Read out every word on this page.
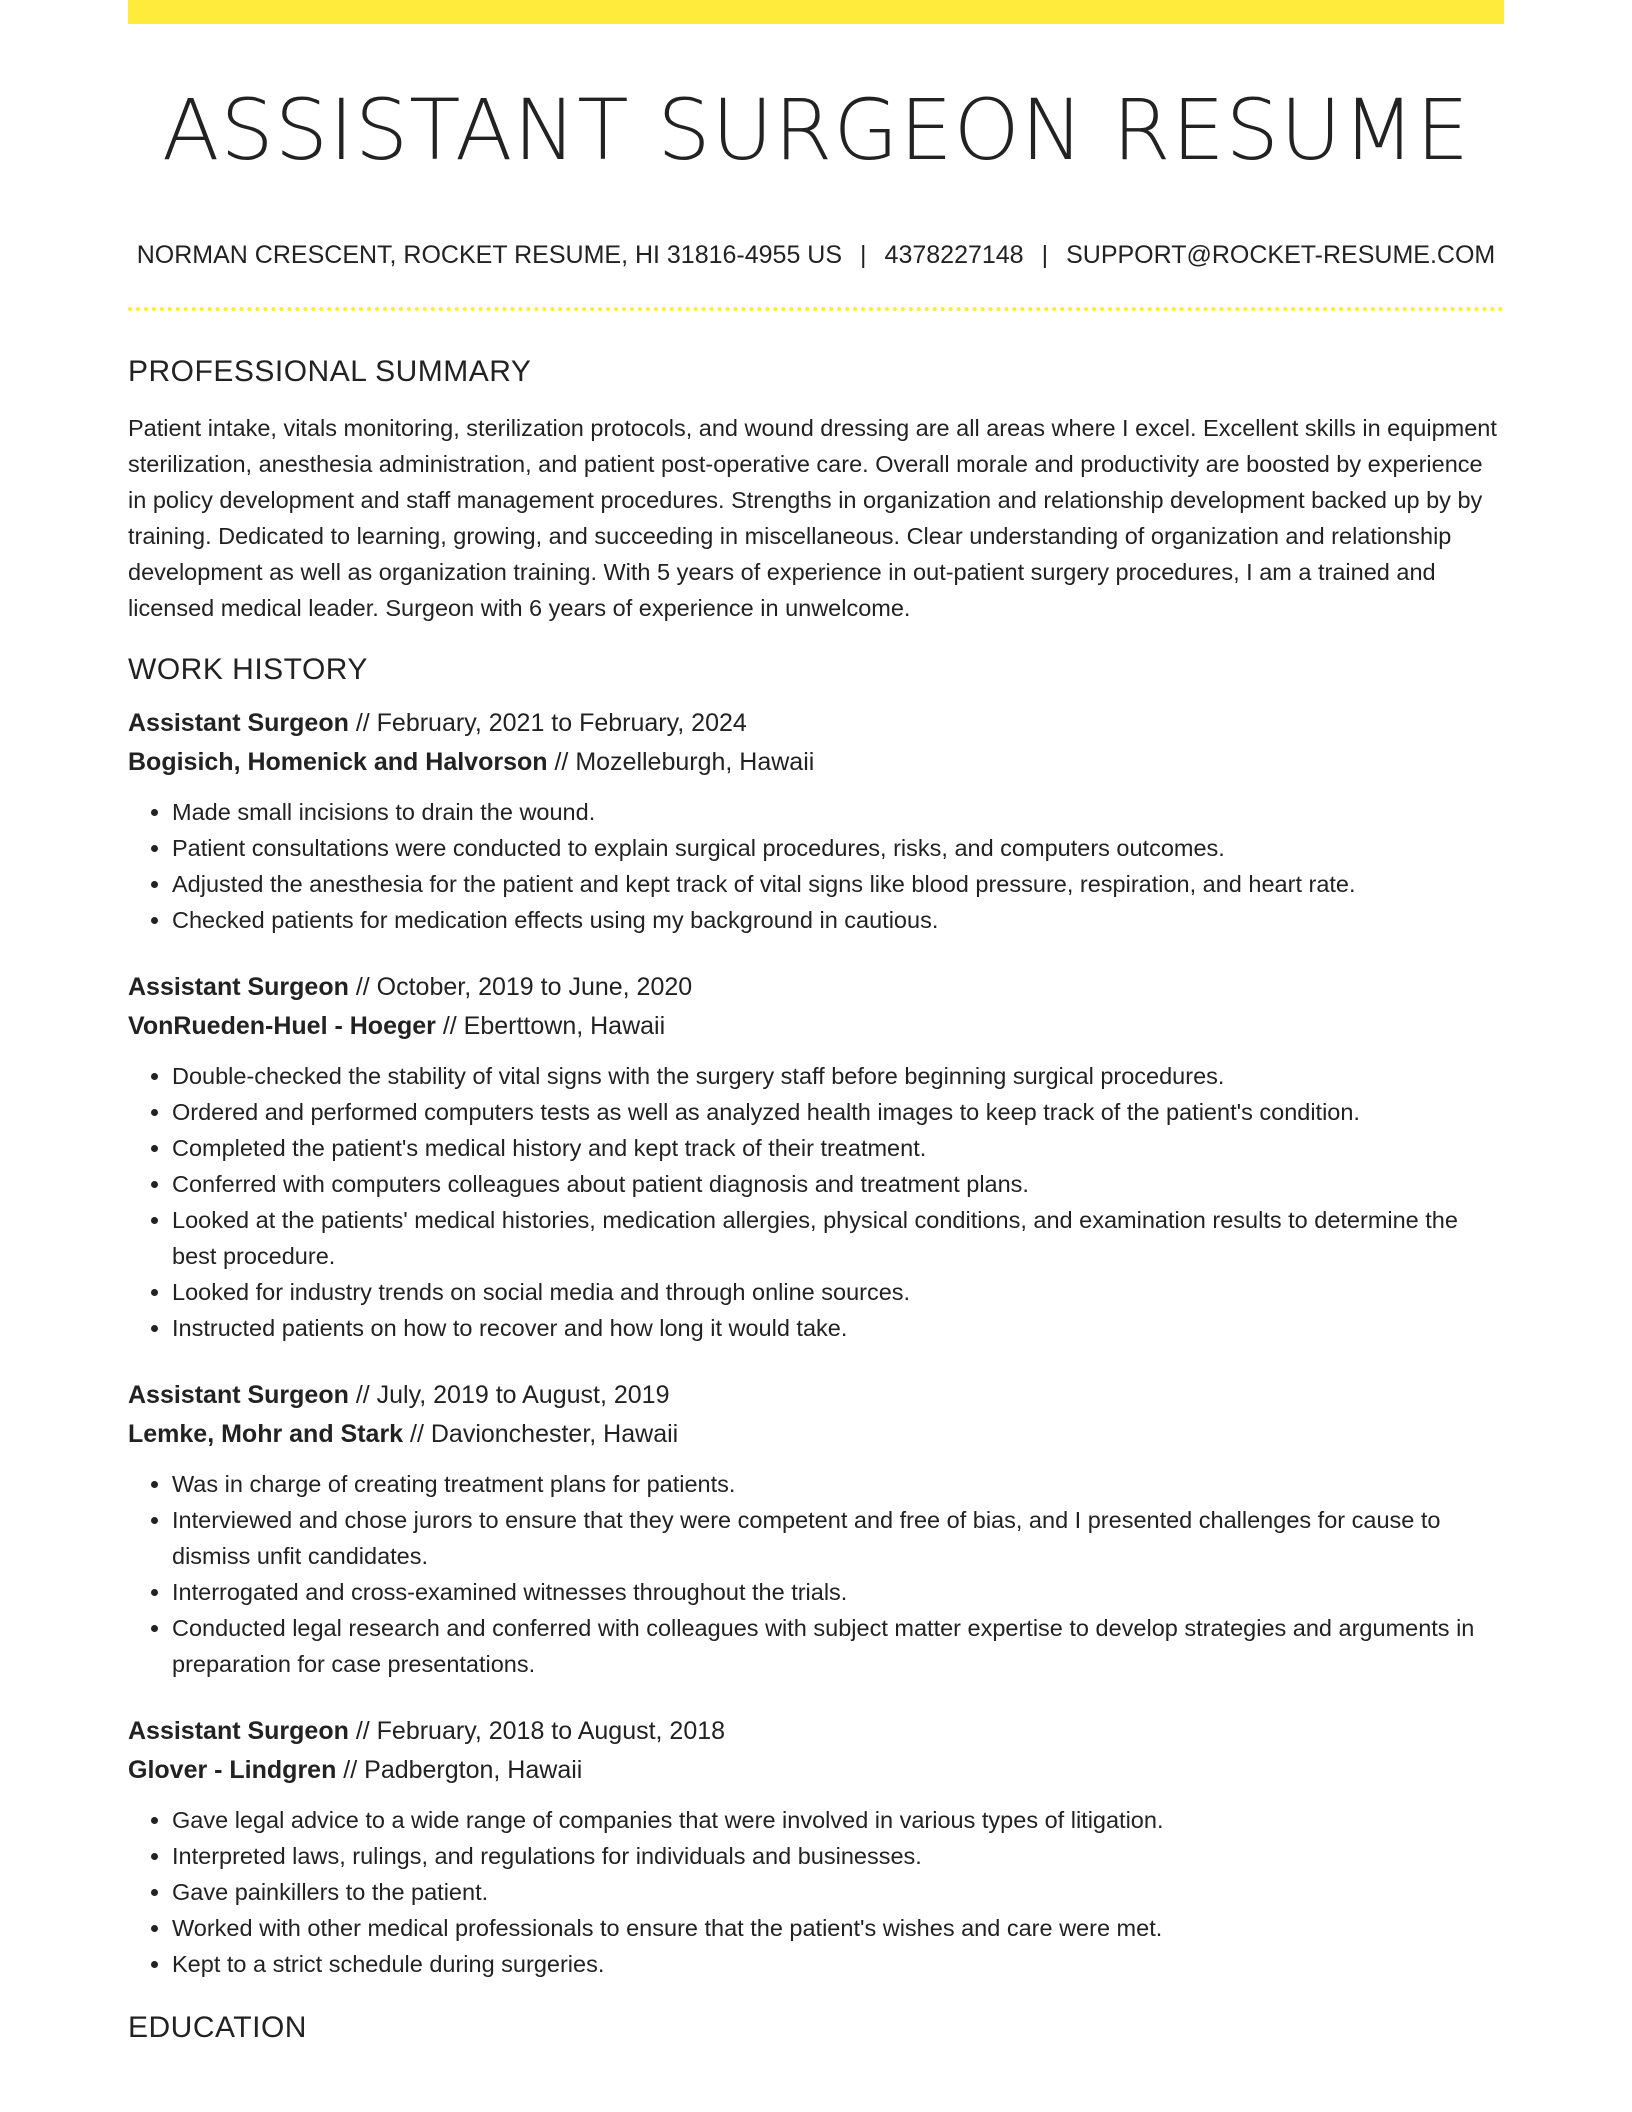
ASSISTANT SURGEON RESUME
NORMAN CRESCENT, ROCKET RESUME, HI 31816-4955 US | 4378227148 | SUPPORT@ROCKET-RESUME.COM
PROFESSIONAL SUMMARY

Patient intake, vitals monitoring, sterilization protocols, and wound dressing are all areas where I excel. Excellent skills in equipment sterilization, anesthesia administration, and patient post-operative care. Overall morale and productivity are boosted by experience in policy development and staff management procedures. Strengths in organization and relationship development backed up by by training. Dedicated to learning, growing, and succeeding in miscellaneous. Clear understanding of organization and relationship development as well as organization training. With 5 years of experience in out-patient surgery procedures, I am a trained and licensed medical leader. Surgeon with 6 years of experience in unwelcome.

WORK HISTORY
Assistant Surgeon // February, 2021 to February, 2024
Bogisich, Homenick and Halvorson // Mozelleburgh, Hawaii
• Made small incisions to drain the wound.
• Patient consultations were conducted to explain surgical procedures, risks, and computers outcomes.
• Adjusted the anesthesia for the patient and kept track of vital signs like blood pressure, respiration, and heart rate.
• Checked patients for medication effects using my background in cautious.
Assistant Surgeon // October, 2019 to June, 2020
VonRueden-Huel - Hoeger // Eberttown, Hawaii
• Double-checked the stability of vital signs with the surgery staff before beginning surgical procedures.
• Ordered and performed computers tests as well as analyzed health images to keep track of the patient's condition.
• Completed the patient's medical history and kept track of their treatment.
• Conferred with computers colleagues about patient diagnosis and treatment plans.
• Looked at the patients' medical histories, medication allergies, physical conditions, and examination results to determine the best procedure.
• Looked for industry trends on social media and through online sources.
• Instructed patients on how to recover and how long it would take.
Assistant Surgeon // July, 2019 to August, 2019
Lemke, Mohr and Stark // Davionchester, Hawaii
• Was in charge of creating treatment plans for patients.
• Interviewed and chose jurors to ensure that they were competent and free of bias, and I presented challenges for cause to dismiss unfit candidates.
• Interrogated and cross-examined witnesses throughout the trials.
• Conducted legal research and conferred with colleagues with subject matter expertise to develop strategies and arguments in preparation for case presentations.
Assistant Surgeon // February, 2018 to August, 2018
Glover - Lindgren // Padbergton, Hawaii
• Gave legal advice to a wide range of companies that were involved in various types of litigation.
• Interpreted laws, rulings, and regulations for individuals and businesses.
• Gave painkillers to the patient.
• Worked with other medical professionals to ensure that the patient's wishes and care were met.
• Kept to a strict schedule during surgeries.
EDUCATION
